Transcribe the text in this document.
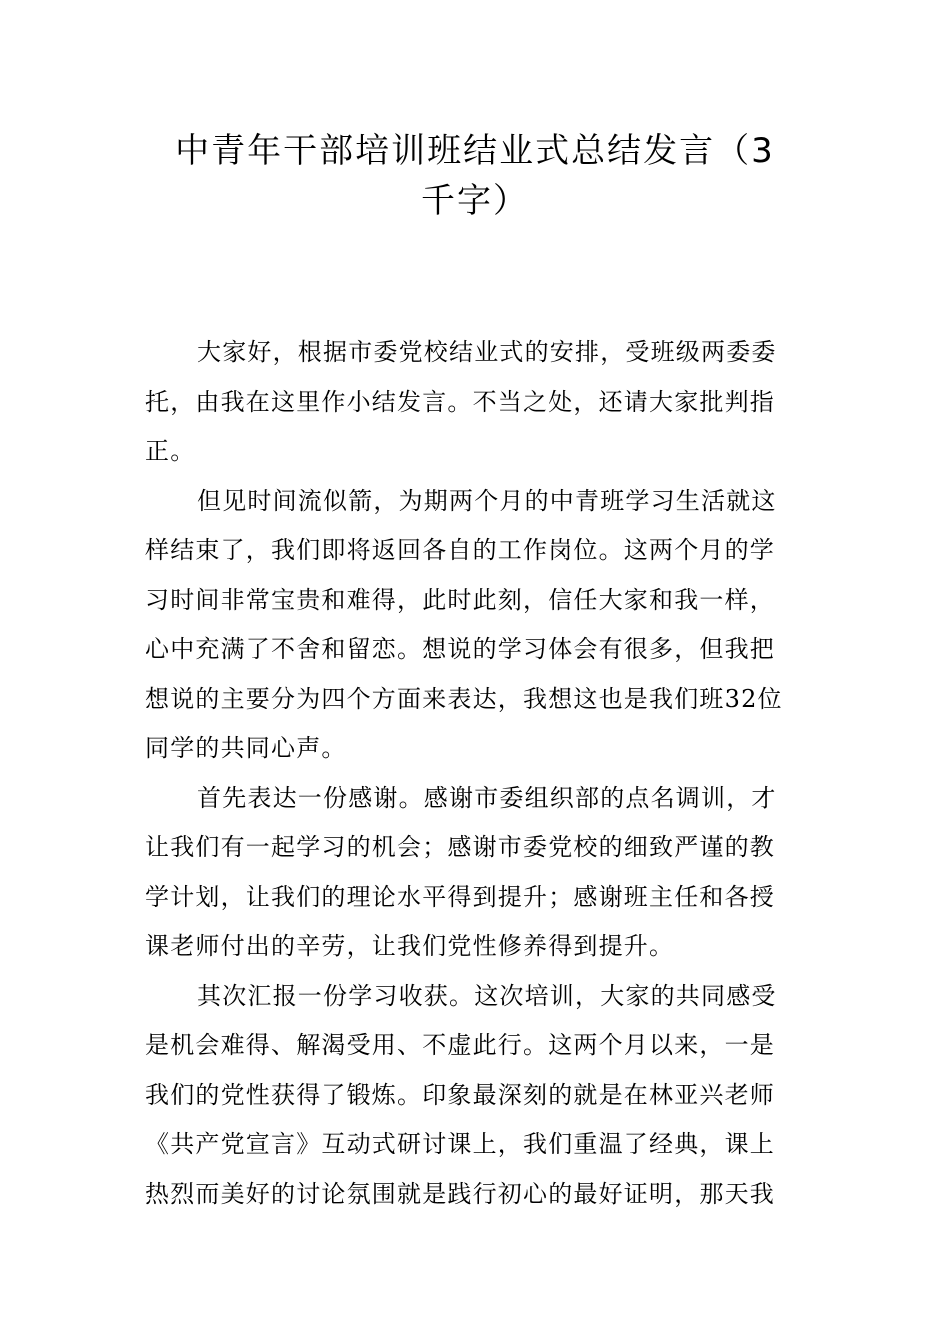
中青年干部培训班结业式总结发言（3
千字）

大家好，根据市委党校结业式的安排，受班级两委委
托，由我在这里作小结发言。不当之处，还请大家批判指
正。

但见时间流似箭，为期两个月的中青班学习生活就这
样结束了，我们即将返回各自的工作岗位。这两个月的学
习时间非常宝贵和难得，此时此刻，信任大家和我一样，
心中充满了不舍和留恋。想说的学习体会有很多，但我把
想说的主要分为四个方面来表达，我想这也是我们班32位
同学的共同心声。

首先表达一份感谢。感谢市委组织部的点名调训，才
让我们有一起学习的机会；感谢市委党校的细致严谨的教
学计划，让我们的理论水平得到提升；感谢班主任和各授
课老师付出的辛劳，让我们党性修养得到提升。

其次汇报一份学习收获。这次培训，大家的共同感受
是机会难得、解渴受用、不虚此行。这两个月以来，一是
我们的党性获得了锻炼。印象最深刻的就是在林亚兴老师
《共产党宣言》互动式研讨课上，我们重温了经典，课上
热烈而美好的讨论氛围就是践行初心的最好证明，那天我
